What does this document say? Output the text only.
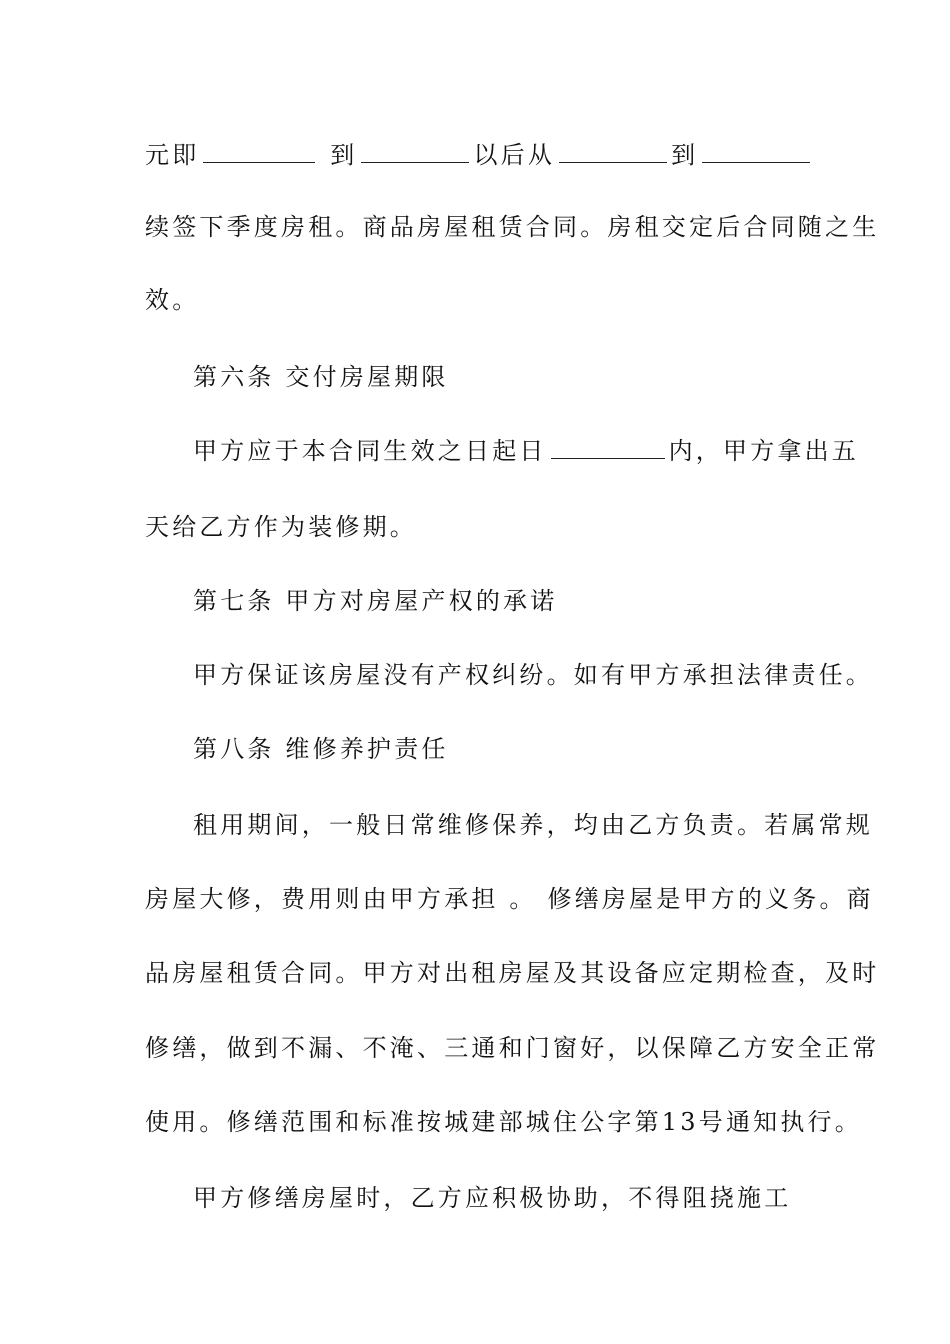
元即	到	以后从	到
续签下季度房租。商品房屋租赁合同。房租交定后合同随之生
效。
第六条 交付房屋期限
甲方应于本合同生效之日起日	内，甲方拿出五
天给乙方作为装修期。
第七条 甲方对房屋产权的承诺
甲方保证该房屋没有产权纠纷。如有甲方承担法律责任。
第八条 维修养护责任
租用期间，一般日常维修保养，均由乙方负责。若属常规
房屋大修，费用则由甲方承担 。 修缮房屋是甲方的义务。商
品房屋租赁合同。甲方对出租房屋及其设备应定期检查，及时
修缮，做到不漏、不淹、三通和门窗好，以保障乙方安全正常
使用。修缮范围和标准按城建部城住公字第13号通知执行。
甲方修缮房屋时，乙方应积极协助，不得阻挠施工
